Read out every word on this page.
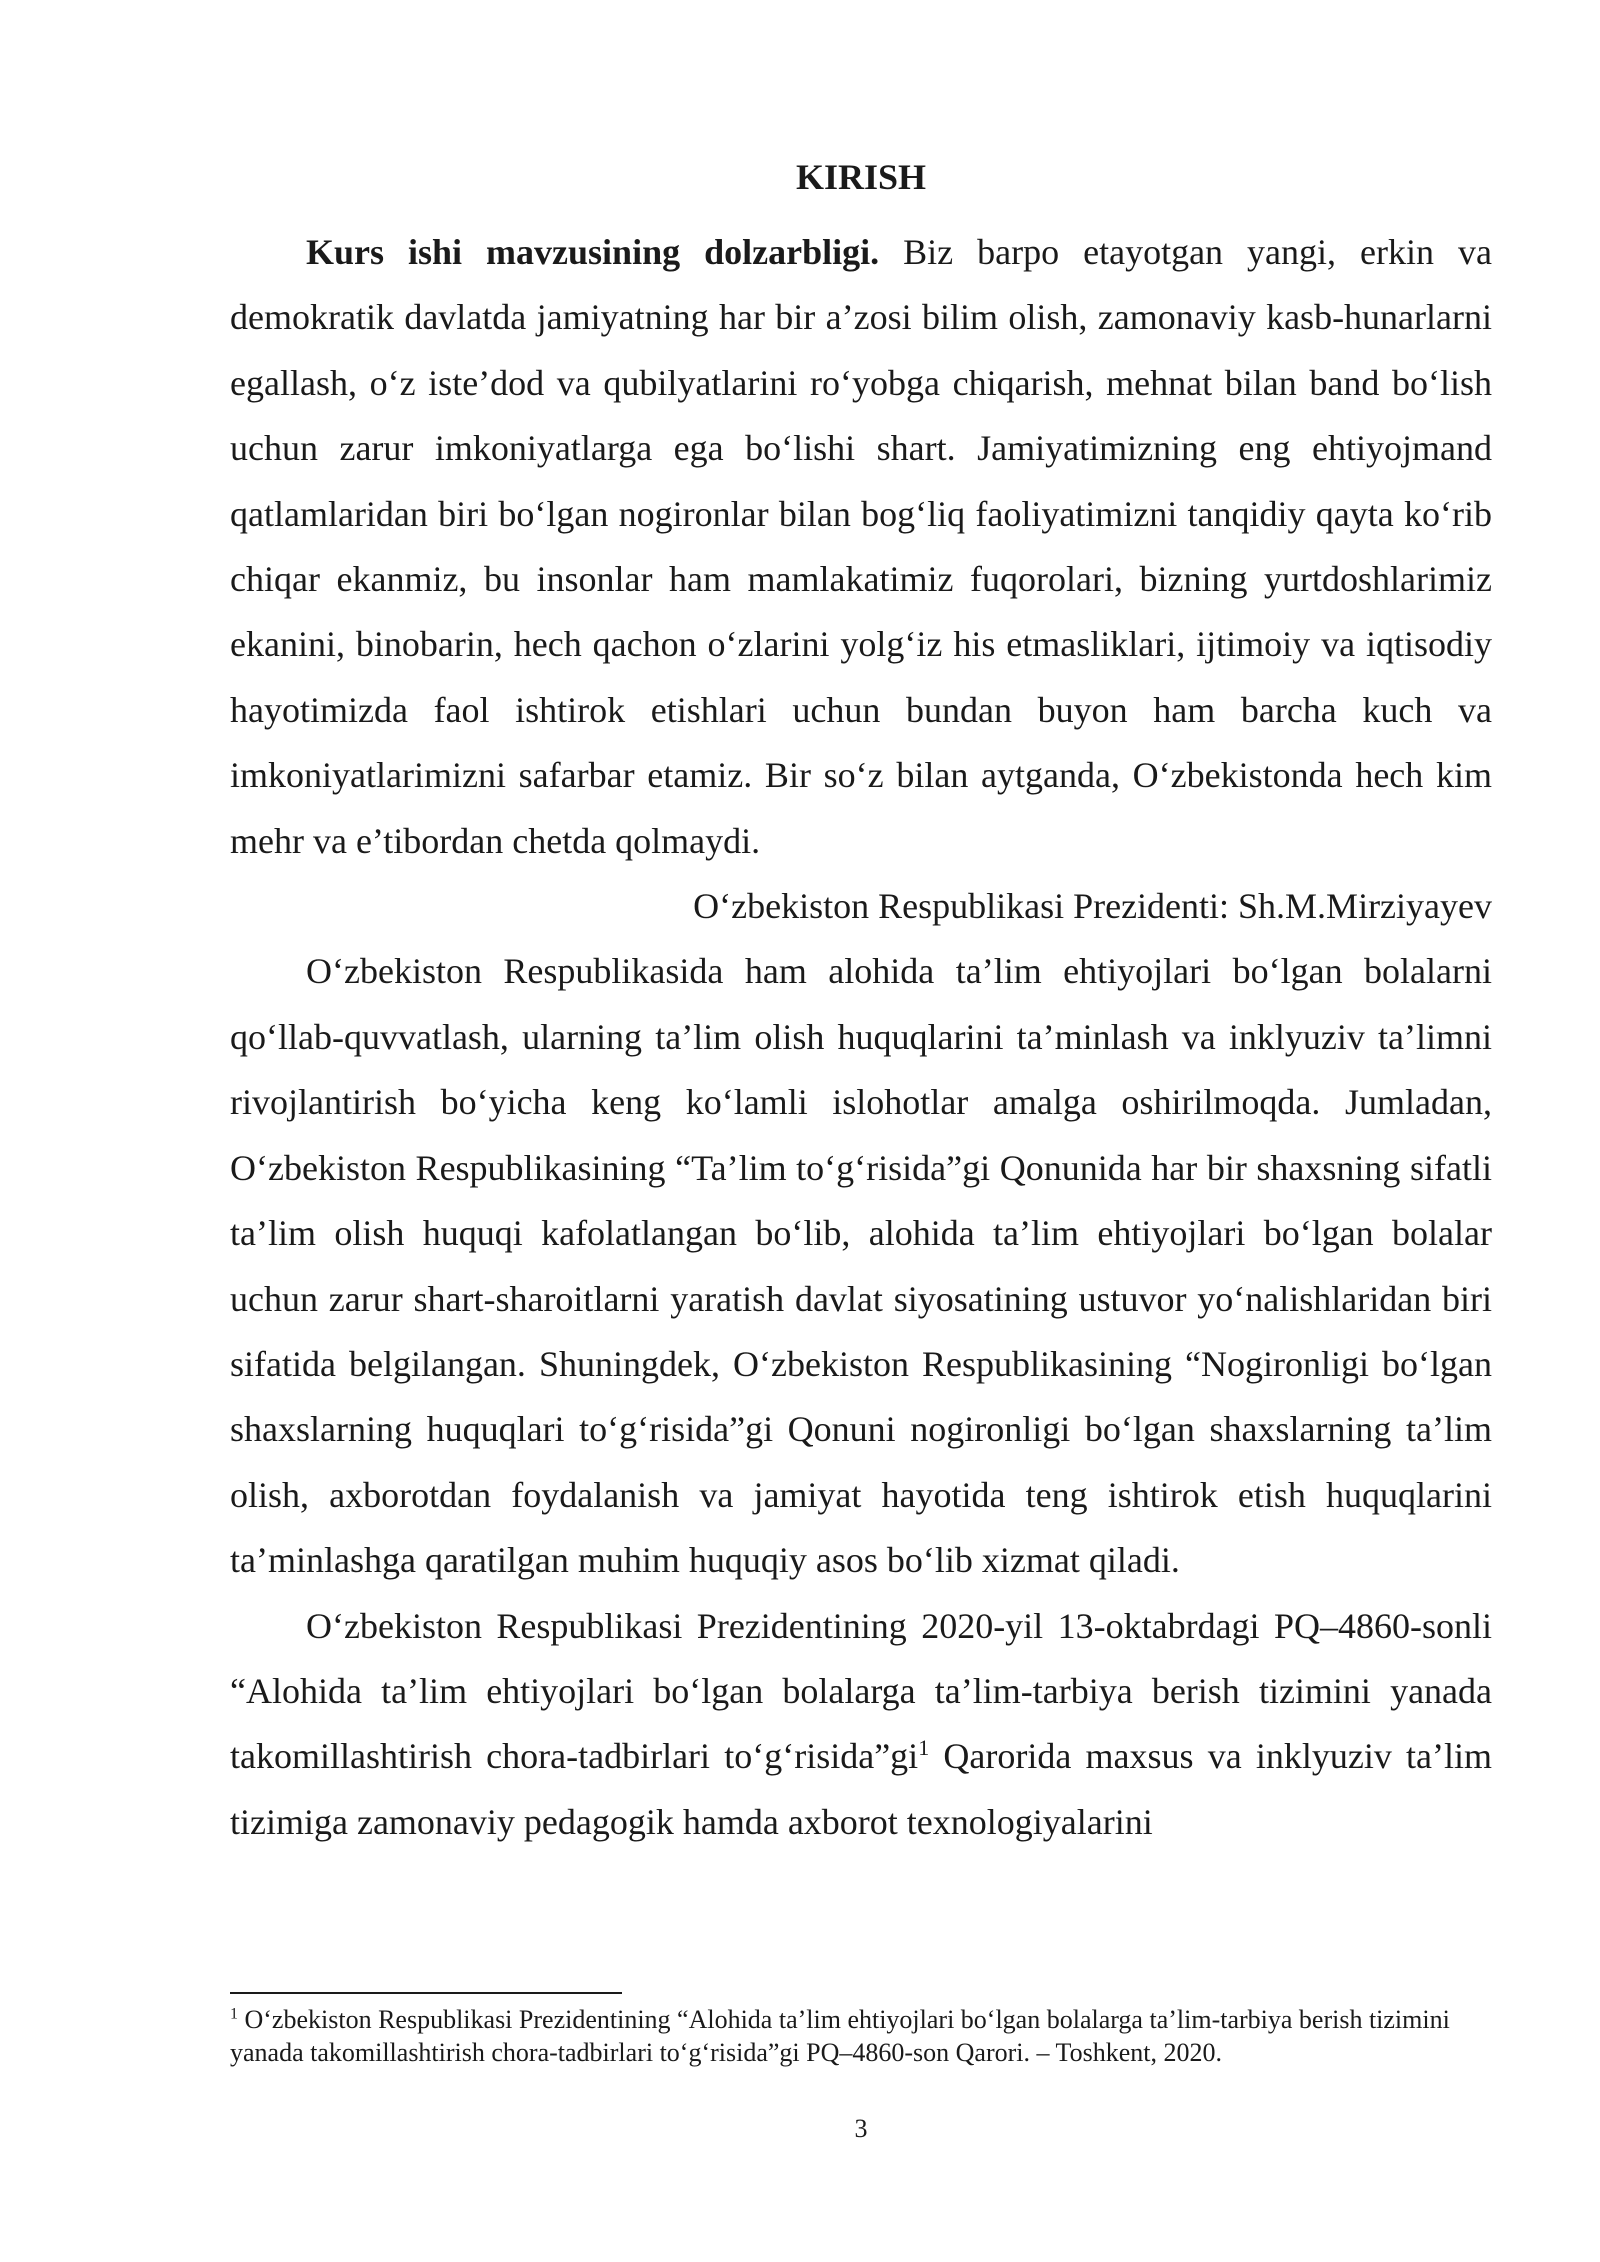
KIRISH

Kurs ishi mavzusining dolzarbligi. Biz barpo etayotgan yangi, erkin va demokratik davlatda jamiyatning har bir a’zosi bilim olish, zamonaviy kasb-hunarlarni egallash, o‘z iste’dod va qubilyatlarini ro‘yobga chiqarish, mehnat bilan band bo‘lish uchun zarur imkoniyatlarga ega bo‘lishi shart. Jamiyatimizning eng ehtiyojmand qatlamlaridan biri bo‘lgan nogironlar bilan bog‘liq faoliyatimizni tanqidiy qayta ko‘rib chiqar ekanmiz, bu insonlar ham mamlakatimiz fuqorolari, bizning yurtdoshlarimiz ekanini, binobarin, hech qachon o‘zlarini yolg‘iz his etmasliklari, ijtimoiy va iqtisodiy hayotimizda faol ishtirok etishlari uchun bundan buyon ham barcha kuch va imkoniyatlarimizni safarbar etamiz. Bir so‘z bilan aytganda, O‘zbekistonda hech kim mehr va e’tibordan chetda qolmaydi.

O‘zbekiston Respublikasi Prezidenti: Sh.M.Mirziyayev

O‘zbekiston Respublikasida ham alohida ta’lim ehtiyojlari bo‘lgan bolalarni qo‘llab-quvvatlash, ularning ta’lim olish huquqlarini ta’minlash va inklyuziv ta’limni rivojlantirish bo‘yicha keng ko‘lamli islohotlar amalga oshirilmoqda. Jumladan, O‘zbekiston Respublikasining “Ta’lim to‘g‘risida”gi Qonunida har bir shaxsning sifatli ta’lim olish huquqi kafolatlangan bo‘lib, alohida ta’lim ehtiyojlari bo‘lgan bolalar uchun zarur shart-sharoitlarni yaratish davlat siyosatining ustuvor yo‘nalishlaridan biri sifatida belgilangan. Shuningdek, O‘zbekiston Respublikasining “Nogironligi bo‘lgan shaxslarning huquqlari to‘g‘risida”gi Qonuni nogironligi bo‘lgan shaxslarning ta’lim olish, axborotdan foydalanish va jamiyat hayotida teng ishtirok etish huquqlarini ta’minlashga qaratilgan muhim huquqiy asos bo‘lib xizmat qiladi.

O‘zbekiston Respublikasi Prezidentining 2020-yil 13-oktabrdagi PQ–4860-sonli “Alohida ta’lim ehtiyojlari bo‘lgan bolalarga ta’lim-tarbiya berish tizimini yanada takomillashtirish chora-tadbirlari $to‘g‘risida”gi^1$ Qarorida maxsus va inklyuziv ta’lim tizimiga zamonaviy pedagogik hamda axborot texnologiyalarini

$^1$ O‘zbekiston Respublikasi Prezidentining “Alohida ta’lim ehtiyojlari bo‘lgan bolalarga ta’lim-tarbiya berish tizimini yanada takomillashtirish chora-tadbirlari to‘g‘risida”gi PQ–4860-son Qarori. – Toshkent, 2020.
3
